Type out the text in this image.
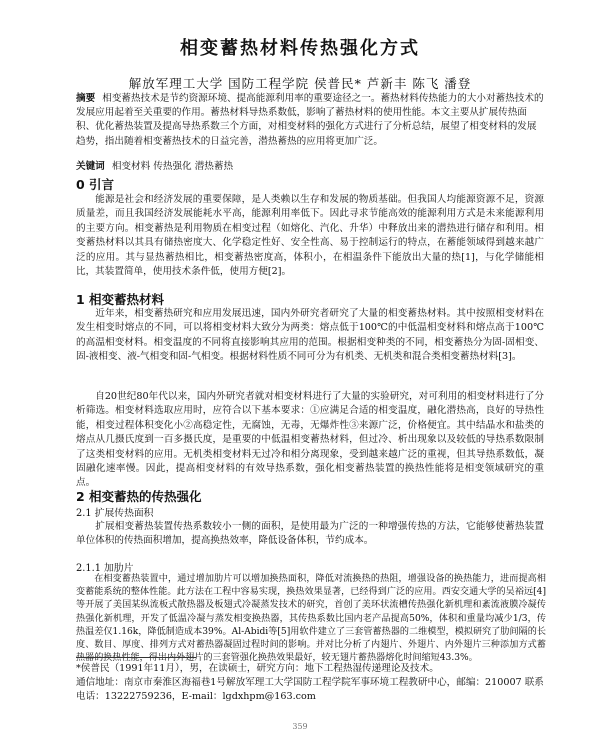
相变蓄热材料传热强化方式
解放军理工大学 国防工程学院 侯普民* 芦新丰 陈飞 潘登
摘要 相变蓄热技术是节约资源环境、提高能源利用率的重要途径之一。蓄热材料传热能力的大小对蓄热技术的发展应用起着至关重要的作用。蓄热材料导热系数低，影响了蓄热材料的使用性能。本文主要从扩展传热面积、优化蓄热装置及提高导热系数三个方面，对相变材料的强化方式进行了分析总结，展望了相变材料的发展趋势，指出随着相变蓄热技术的日益完善，潜热蓄热的应用将更加广泛。
关键词 相变材料 传热强化 潜热蓄热
0 引言
能源是社会和经济发展的重要保障，是人类赖以生存和发展的物质基础。但我国人均能源资源不足，资源质量差，而且我国经济发展能耗水平高，能源利用率低下。因此寻求节能高效的能源利用方式是未来能源利用的主要方向。相变蓄热是利用物质在相变过程（如熔化、汽化、升华）中释放出来的潜热进行储存和利用。相变蓄热材料以其具有储热密度大、化学稳定性好、安全性高、易于控制运行的特点，在蓄能领域得到越来越广泛的应用。其与显热蓄热相比，相变蓄热密度高，体积小，在相温条件下能放出大量的热[1]，与化学储能相比，其装置简单，使用技术条件低，使用方便[2]。
1 相变蓄热材料
近年来，相变蓄热研究和应用发展迅速，国内外研究者研究了大量的相变蓄热材料。其中按照相变材料在发生相变时熔点的不同，可以将相变材料大致分为两类：熔点低于100℃的中低温相变材料和熔点高于100℃的高温相变材料。相变温度的不同将直接影响其应用的范围。根据相变种类的不同，相变蓄热分为固-固相变、固-液相变、液-气相变和固-气相变。根据材料性质不同可分为有机类、无机类和混合类相变蓄热材料[3]。
自20世纪80年代以来，国内外研究者就对相变材料进行了大量的实验研究，对可利用的相变材料进行了分析筛选。相变材料选取应用时，应符合以下基本要求：①应满足合适的相变温度，融化潜热高，良好的导热性能，相变过程体积变化小②高稳定性，无腐蚀，无毒，无爆炸性③来源广泛，价格便宜。其中结晶水和盐类的熔点从几摄氏度到一百多摄氏度，是重要的中低温相变蓄热材料，但过冷、析出现象以及较低的导热系数限制了这类相变材料的应用。无机类相变材料无过冷和相分离现象，受到越来越广泛的重视，但其导热系数低，凝固融化速率慢。因此，提高相变材料的有效导热系数，强化相变蓄热装置的换热性能将是相变领域研究的重点。
2 相变蓄热的传热强化
2.1 扩展传热面积
扩展相变蓄热装置传热系数较小一侧的面积，是使用最为广泛的一种增强传热的方法，它能够使蓄热装置单位体积的传热面积增加，提高换热效率，降低设备体积，节约成本。
2.1.1 加肋片
在相变蓄热装置中，通过增加肋片可以增加换热面积，降低对流换热的热阻，增强设备的换热能力，进而提高相变蓄能系统的整体性能。此方法在工程中容易实现，换热效果显著，已经得到广泛的应用。西安交通大学的吴裕远[4]等开展了美国某纵流板式散热器及板翅式冷凝蒸发技术的研究，首创了美环状流槽传热强化新机理和紊流液膜冷凝传热强化新机理，开发了低温冷凝与蒸发相变换热器，其传热系数比国内老产品提高50%，体积和重量均减少1/3，传热温差仅1.16k，降低制造成本39%。Al-Abidi等[5]用软件建立了三套管蓄热器的二维模型，模拟研究了肋间隔的长度、数目、厚度、排列方式对蓄热器凝固过程时间的影响。并对比分析了内翅片、外翅片、内外翅片三种添加方式蓄热器的换热性能，得出内外翅片的三套管强化换热效果最好，较无翅片蓄热器熔化时间缩短43.3%。
*侯普民（1991年11月），男，在读硕士，研究方向：地下工程热湿传递理论及技术。
通信地址：南京市秦淮区海福巷1号解放军理工大学国防工程学院军事环境工程教研中心，邮编：210007 联系电话：13222759236，E-mail：lgdxhpm@163.com
359
